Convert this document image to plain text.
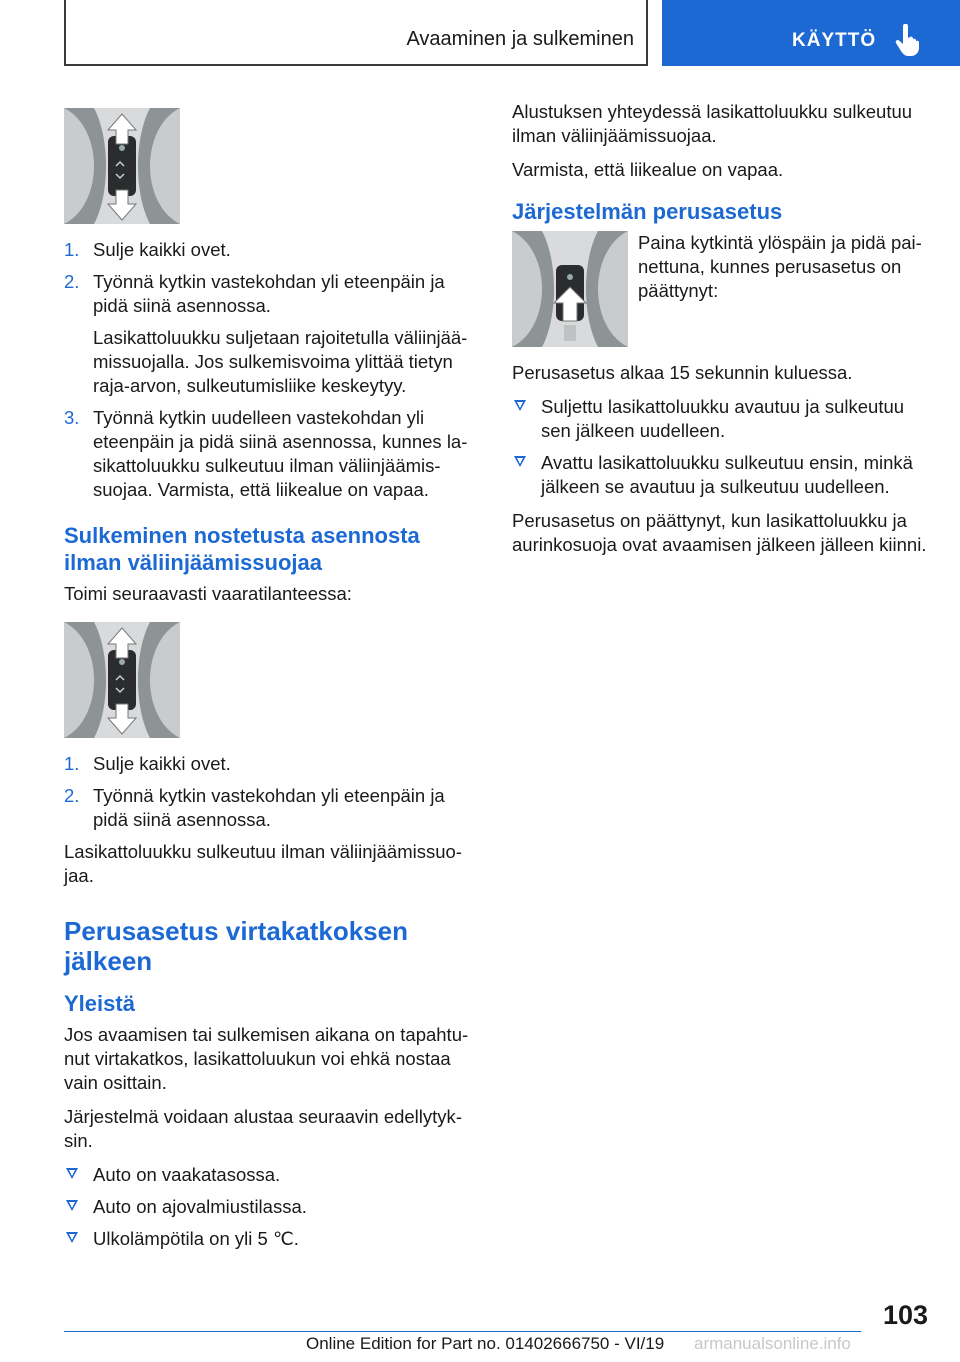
Avaaminen ja sulkeminen	KÄYTTÖ
1. Sulje kaikki ovet.
2. Työnnä kytkin vastekohdan yli eteenpäin ja pidä siinä asennossa.
Lasikattoluukku suljetaan rajoitetulla väliinjäämissuojalla. Jos sulkemisvoima ylittää tietyn raja-arvon, sulkeutumisliike keskeytyy.
3. Työnnä kytkin uudelleen vastekohdan yli eteenpäin ja pidä siinä asennossa, kunnes lasikattoluukku sulkeutuu ilman väliinjäämissuojaa. Varmista, että liikealue on vapaa.
Sulkeminen nostetusta asennosta ilman väliinjäämissuojaa

Toimi seuraavasti vaaratilanteessa:

1. Sulje kaikki ovet.
2. Työnnä kytkin vastekohdan yli eteenpäin ja pidä siinä asennossa.

Lasikattoluukku sulkeutuu ilman väliinjäämissuojaa.

Perusasetus virtakatkoksen jälkeen
Yleistä

Jos avaamisen tai sulkemisen aikana on tapahtunut virtakatkos, lasikattoluukun voi ehkä nostaa vain osittain.

Järjestelmä voidaan alustaa seuraavin edellytyksin.

Auto on vaakatasossa.
Auto on ajovalmiustilassa.
Ulkolämpötila on yli 5 ℃.

Alustuksen yhteydessä lasikattoluukku sulkeutuu ilman väliinjäämissuojaa.

Varmista, että liikealue on vapaa.

Järjestelmän perusasetus
Paina kytkintä ylöspäin ja pidä painettuna, kunnes perusasetus on päättynyt:

Perusasetus alkaa 15 sekunnin kuluessa.

Suljettu lasikattoluukku avautuu ja sulkeutuu sen jälkeen uudelleen.
Avattu lasikattoluukku sulkeutuu ensin, minkä jälkeen se avautuu ja sulkeutuu uudelleen.

Perusasetus on päättynyt, kun lasikattoluukku ja aurinkosuoja ovat avaamisen jälkeen jälleen kiinni.

103
Online Edition for Part no. 01402666750 - VI/19 armanualsonline.info
